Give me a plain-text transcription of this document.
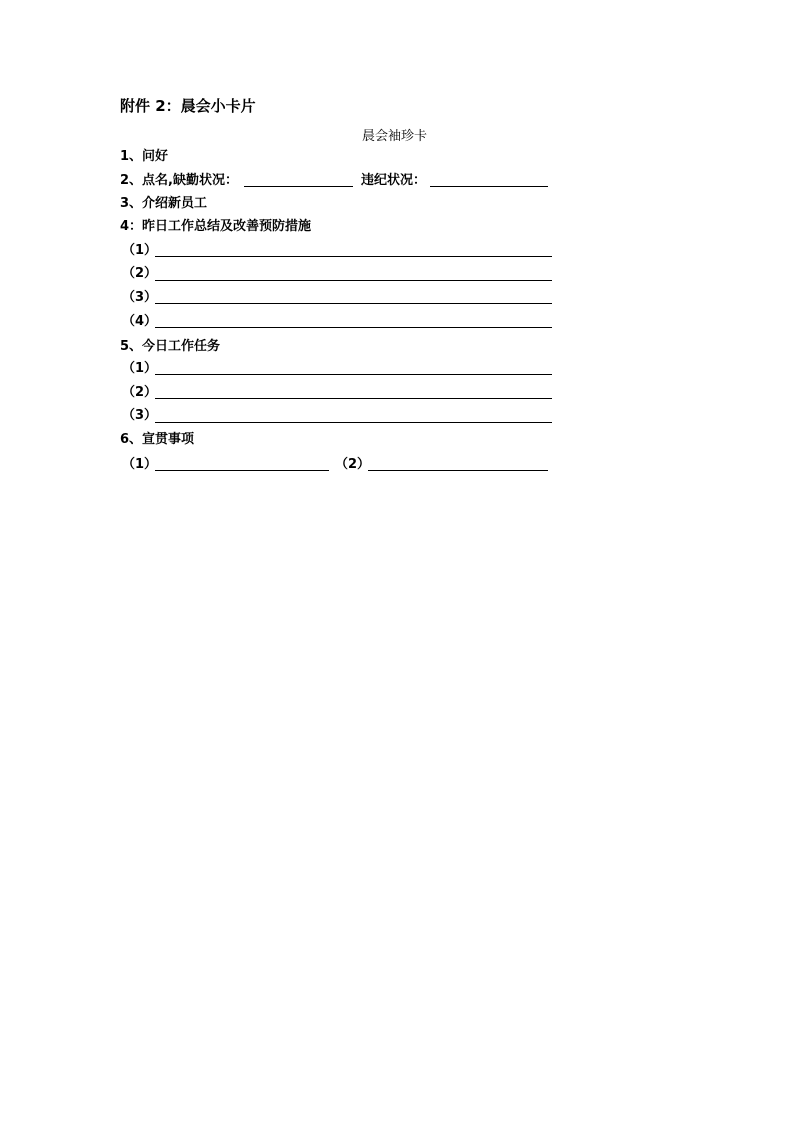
附件 2：晨会小卡片
晨会袖珍卡
1、问好
2、点名,缺勤状况：	违纪状况：
3、介绍新员工
4：昨日工作总结及改善预防措施
（1）
（2）
（3）
（4）
5、今日工作任务
（1）
（2）
（3）
6、宣贯事项
（1）	（2）
